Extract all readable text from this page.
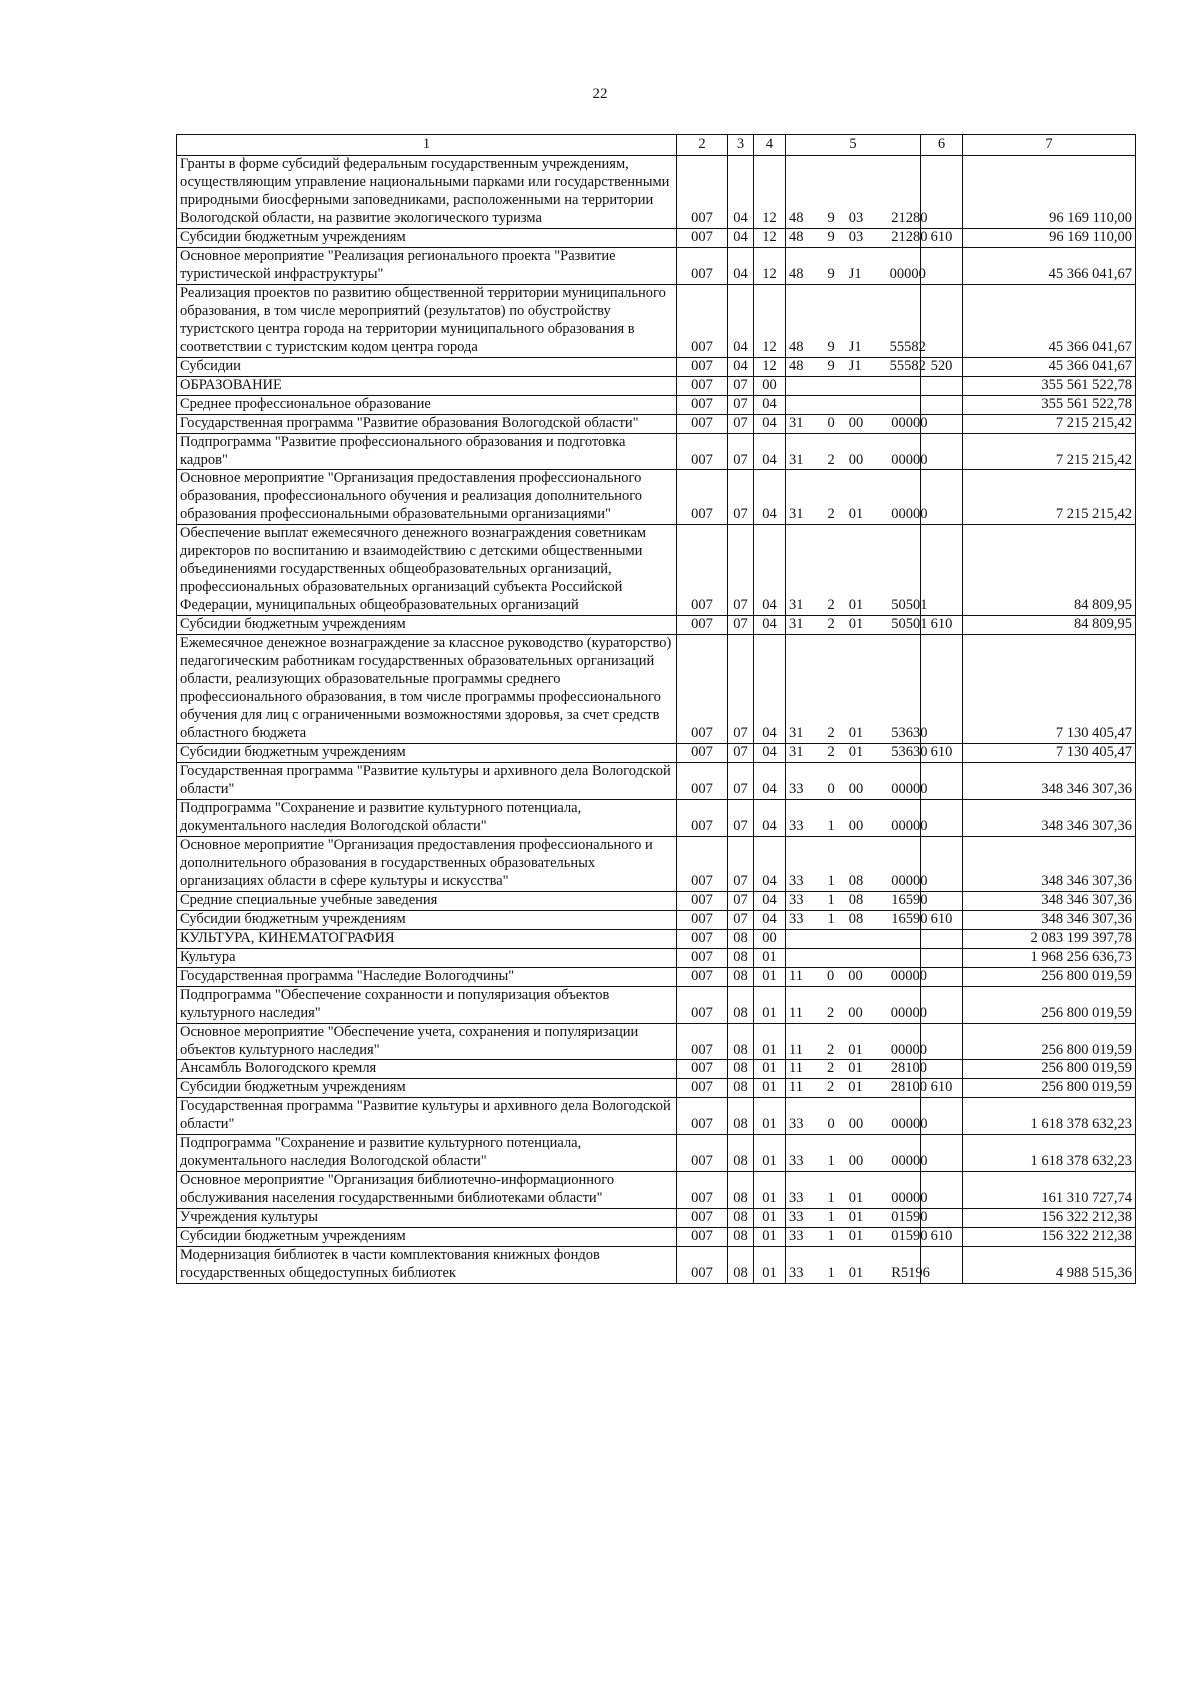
22
1	2	3	4	5	6	7
Гранты в форме субсидий федеральным государственным учреждениям, осуществляющим управление национальными парками или государственными природными биосферными заповедниками, расположенными на территории Вологодской области, на развитие экологического туризма	007	04	12	48 9 03 21280		96 169 110,00
Субсидии бюджетным учреждениям	007	04	12	48 9 03 21280	610	96 169 110,00
Основное мероприятие "Реализация регионального проекта "Развитие туристической инфраструктуры"	007	04	12	48 9 J1 00000		45 366 041,67
Реализация проектов по развитию общественной территории муниципального образования, в том числе мероприятий (результатов) по обустройству туристского центра города на территории муниципального образования в соответствии с туристским кодом центра города	007	04	12	48 9 J1 55582		45 366 041,67
Субсидии	007	04	12	48 9 J1 55582	520	45 366 041,67
ОБРАЗОВАНИЕ	007	07	00			355 561 522,78
Среднее профессиональное образование	007	07	04			355 561 522,78
Государственная программа "Развитие образования Вологодской области"	007	07	04	31 0 00 00000		7 215 215,42
Подпрограмма "Развитие профессионального образования и подготовка кадров"	007	07	04	31 2 00 00000		7 215 215,42
Основное мероприятие "Организация предоставления профессионального образования, профессионального обучения и реализация дополнительного образования профессиональными образовательными организациями"	007	07	04	31 2 01 00000		7 215 215,42
Обеспечение выплат ежемесячного денежного вознаграждения советникам директоров по воспитанию и взаимодействию с детскими общественными объединениями государственных общеобразовательных организаций, профессиональных образовательных организаций субъекта Российской Федерации, муниципальных общеобразовательных организаций	007	07	04	31 2 01 50501		84 809,95
Субсидии бюджетным учреждениям	007	07	04	31 2 01 50501	610	84 809,95
Ежемесячное денежное вознаграждение за классное руководство (кураторство) педагогическим работникам государственных образовательных организаций области, реализующих образовательные программы среднего профессионального образования, в том числе программы профессионального обучения для лиц с ограниченными возможностями здоровья, за счет средств областного бюджета	007	07	04	31 2 01 53630		7 130 405,47
Субсидии бюджетным учреждениям	007	07	04	31 2 01 53630	610	7 130 405,47
Государственная программа "Развитие культуры и архивного дела Вологодской области"	007	07	04	33 0 00 00000		348 346 307,36
Подпрограмма "Сохранение и развитие культурного потенциала, документального наследия Вологодской области"	007	07	04	33 1 00 00000		348 346 307,36
Основное мероприятие "Организация предоставления профессионального и дополнительного образования в государственных образовательных организациях области в сфере культуры и искусства"	007	07	04	33 1 08 00000		348 346 307,36
Средние специальные учебные заведения	007	07	04	33 1 08 16590		348 346 307,36
Субсидии бюджетным учреждениям	007	07	04	33 1 08 16590	610	348 346 307,36
КУЛЬТУРА, КИНЕМАТОГРАФИЯ	007	08	00			2 083 199 397,78
Культура	007	08	01			1 968 256 636,73
Государственная программа "Наследие Вологодчины"	007	08	01	11 0 00 00000		256 800 019,59
Подпрограмма "Обеспечение сохранности и популяризация объектов культурного наследия"	007	08	01	11 2 00 00000		256 800 019,59
Основное мероприятие "Обеспечение учета, сохранения и популяризации объектов культурного наследия"	007	08	01	11 2 01 00000		256 800 019,59
Ансамбль Вологодского кремля	007	08	01	11 2 01 28100		256 800 019,59
Субсидии бюджетным учреждениям	007	08	01	11 2 01 28100	610	256 800 019,59
Государственная программа "Развитие культуры и архивного дела Вологодской области"	007	08	01	33 0 00 00000		1 618 378 632,23
Подпрограмма "Сохранение и развитие культурного потенциала, документального наследия Вологодской области"	007	08	01	33 1 00 00000		1 618 378 632,23
Основное мероприятие "Организация библиотечно-информационного обслуживания населения государственными библиотеками области"	007	08	01	33 1 01 00000		161 310 727,74
Учреждения культуры	007	08	01	33 1 01 01590		156 322 212,38
Субсидии бюджетным учреждениям	007	08	01	33 1 01 01590	610	156 322 212,38
Модернизация библиотек в части комплектования книжных фондов государственных общедоступных библиотек	007	08	01	33 1 01 R5196		4 988 515,36
